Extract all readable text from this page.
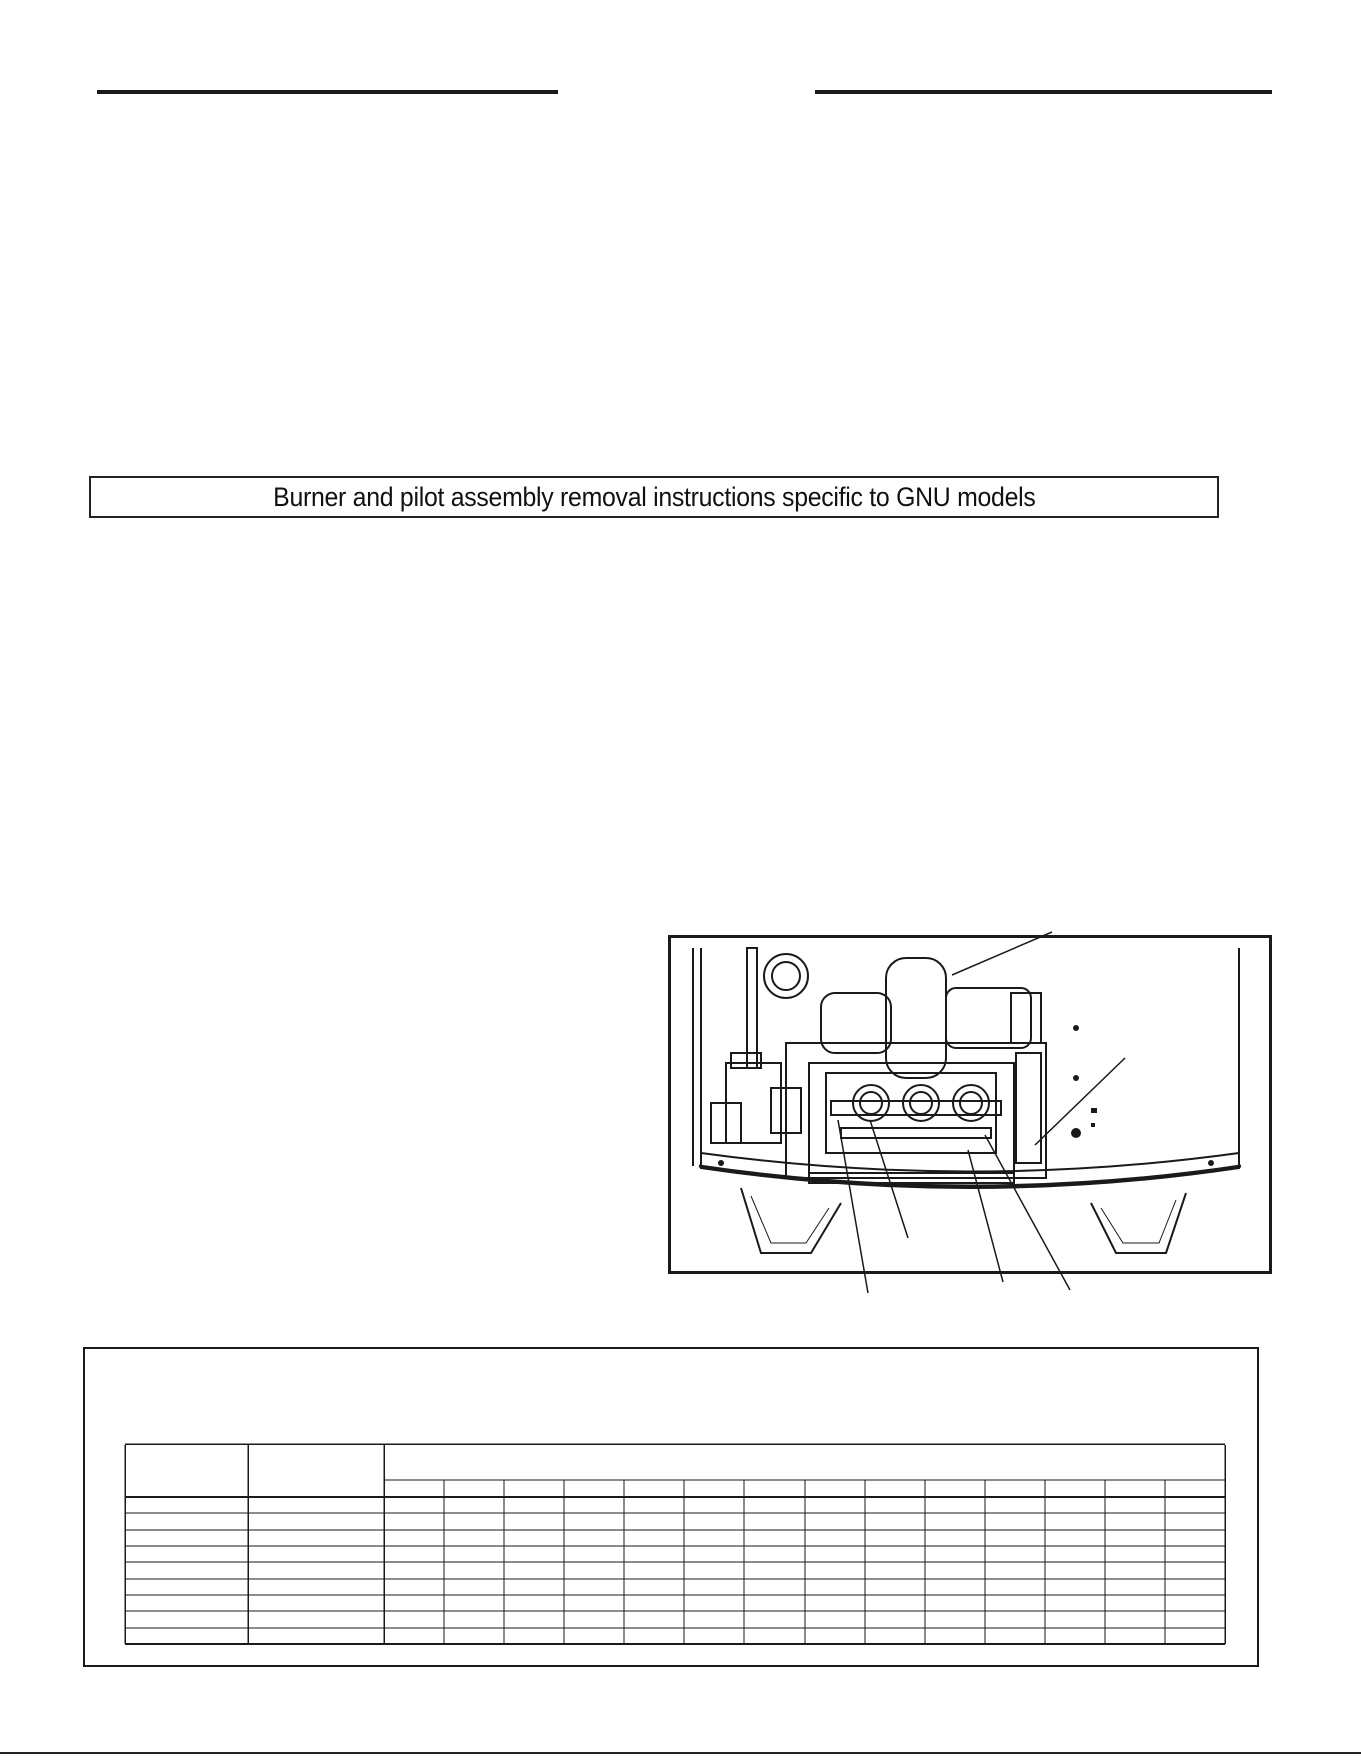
Burner and pilot assembly removal instructions specific to GNU models
